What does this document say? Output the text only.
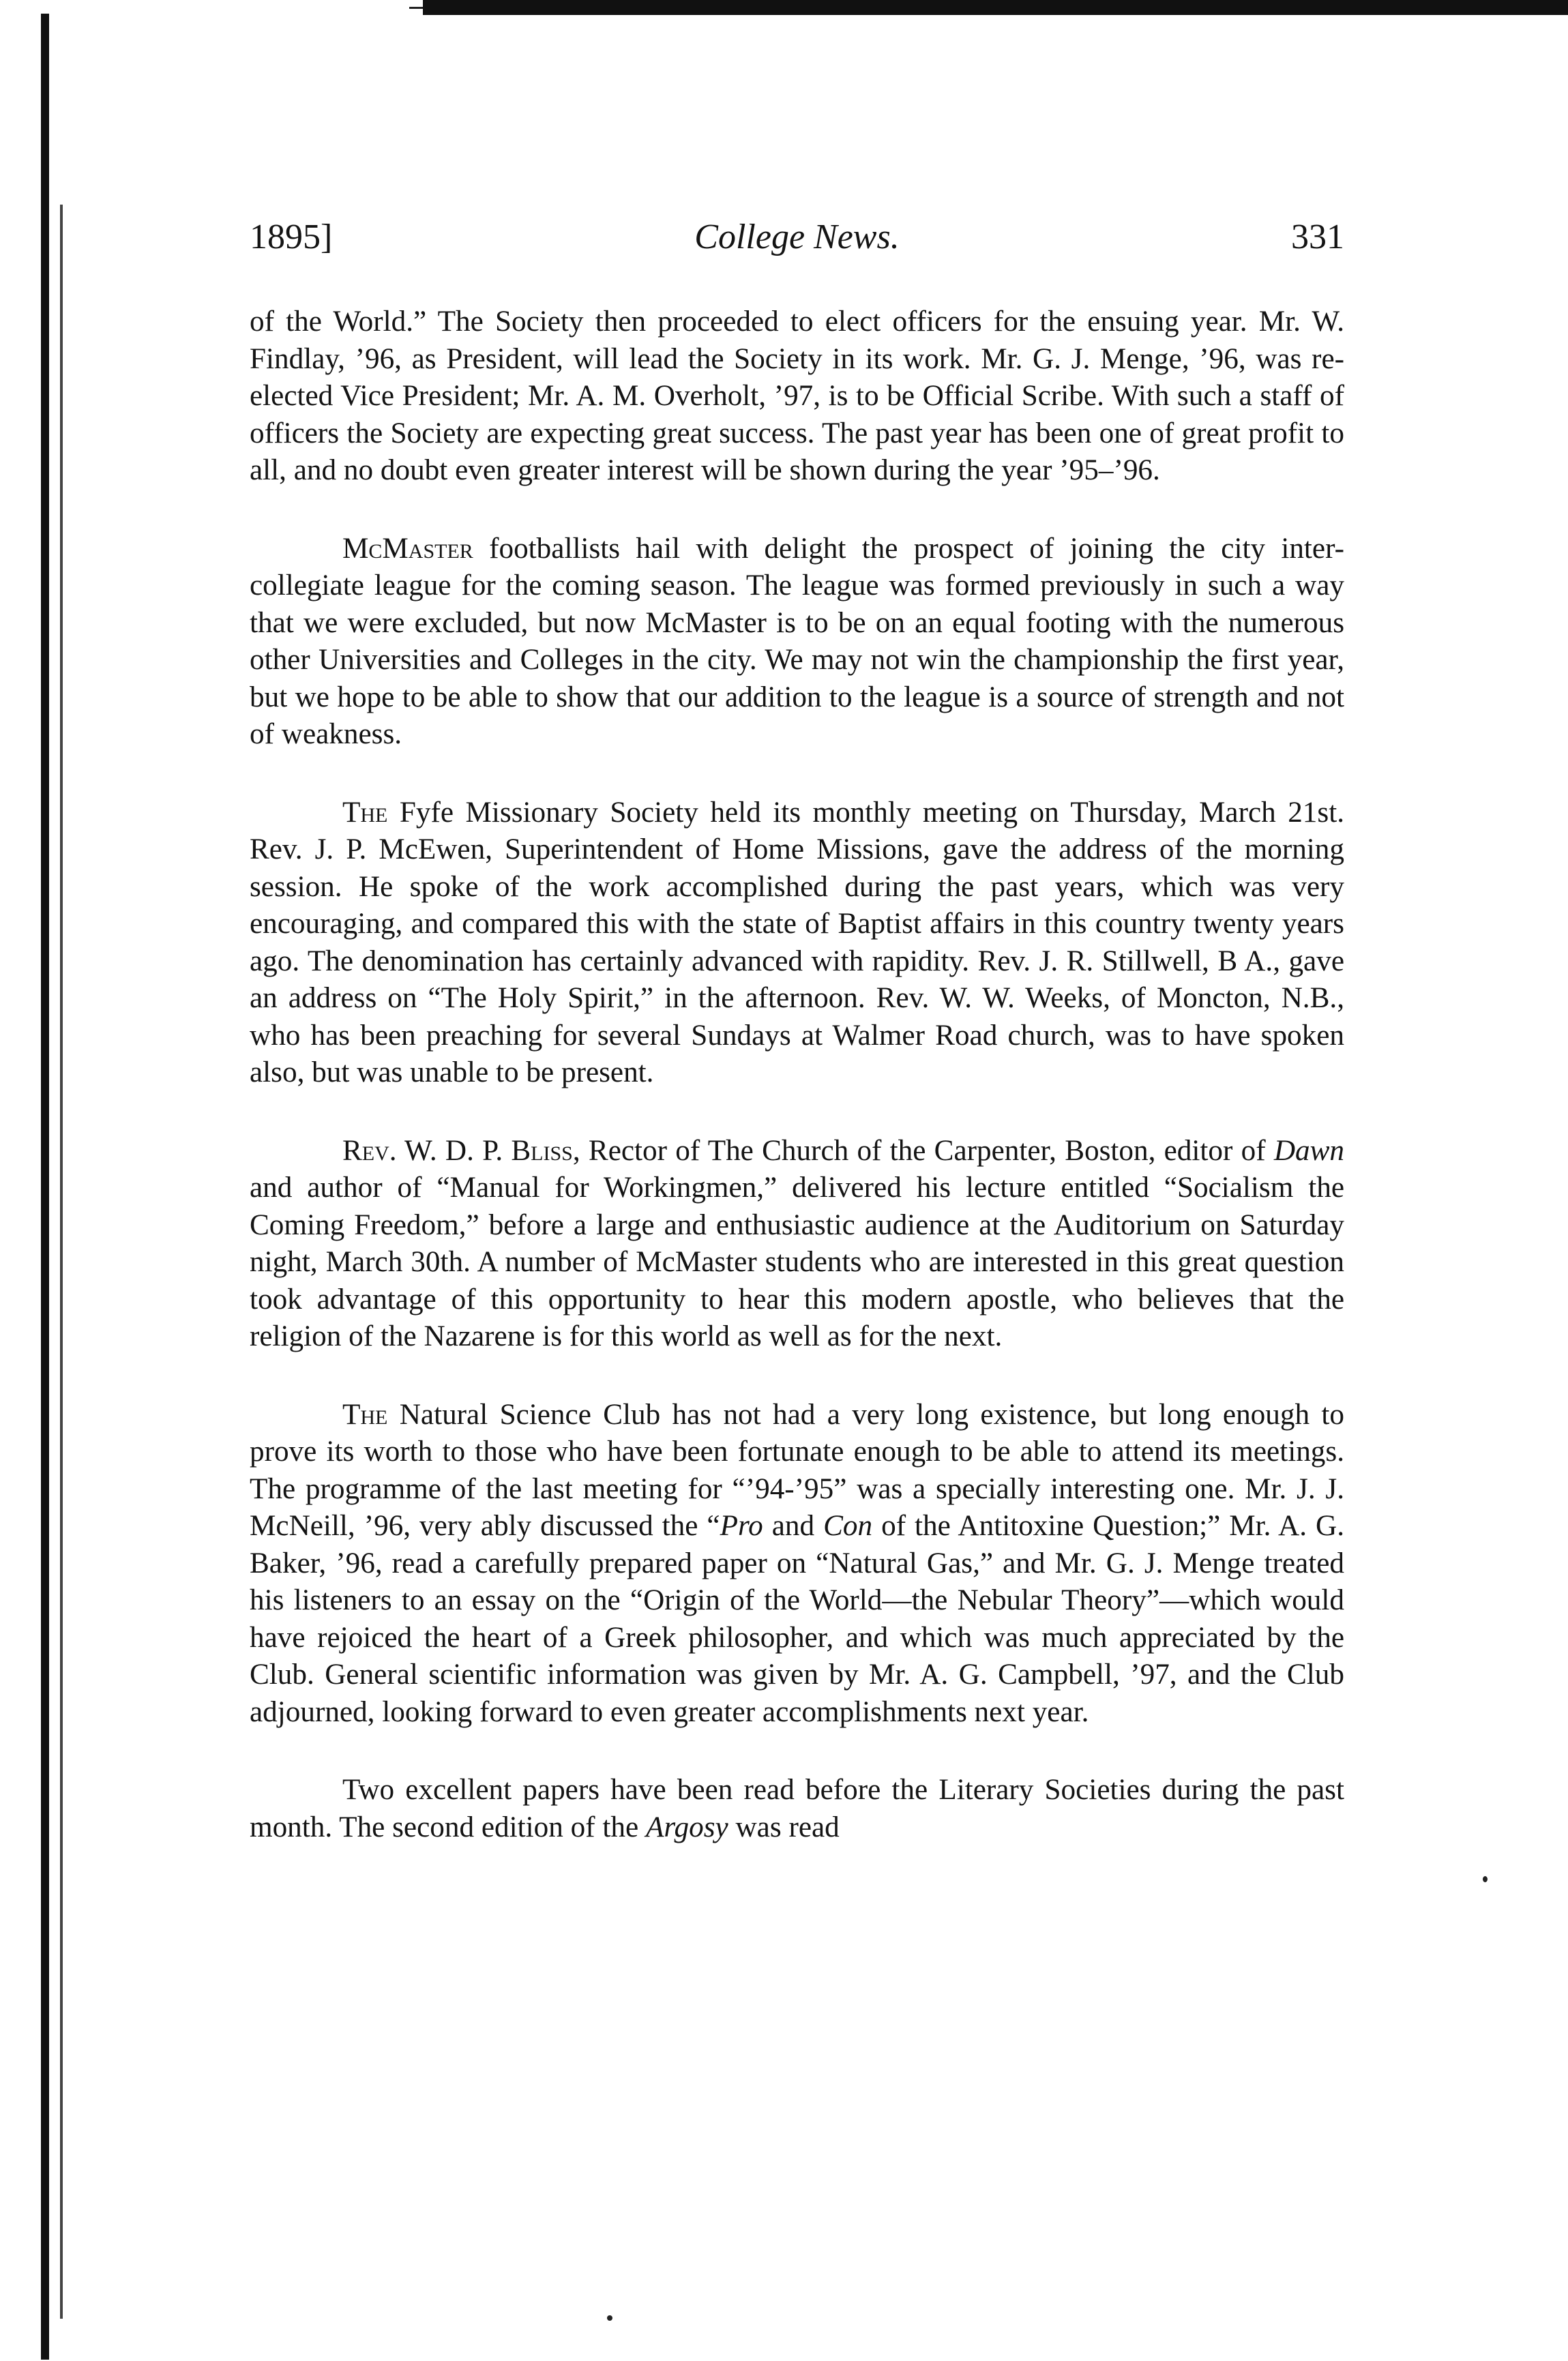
1895]	College News.	331

of the World.” The Society then proceeded to elect officers for the ensuing year. Mr. W. Findlay, ’96, as President, will lead the Society in its work. Mr. G. J. Menge, ’96, was re-elected Vice President; Mr. A. M. Overholt, ’97, is to be Official Scribe. With such a staff of officers the Society are expecting great success. The past year has been one of great profit to all, and no doubt even greater interest will be shown during the year ’95–’96.

McMaster footballists hail with delight the prospect of joining the city inter-collegiate league for the coming season. The league was formed previously in such a way that we were excluded, but now McMaster is to be on an equal footing with the numerous other Universities and Colleges in the city. We may not win the championship the first year, but we hope to be able to show that our addition to the league is a source of strength and not of weakness.

The Fyfe Missionary Society held its monthly meeting on Thursday, March 21st. Rev. J. P. McEwen, Superintendent of Home Missions, gave the address of the morning session. He spoke of the work accomplished during the past years, which was very encouraging, and compared this with the state of Baptist affairs in this country twenty years ago. The denomination has certainly advanced with rapidity. Rev. J. R. Stillwell, B A., gave an address on “The Holy Spirit,” in the afternoon. Rev. W. W. Weeks, of Moncton, N.B., who has been preaching for several Sundays at Walmer Road church, was to have spoken also, but was unable to be present.

Rev. W. D. P. Bliss, Rector of The Church of the Carpenter, Boston, editor of Dawn and author of “Manual for Workingmen,” delivered his lecture entitled “Socialism the Coming Freedom,” before a large and enthusiastic audience at the Auditorium on Saturday night, March 30th. A number of McMaster students who are interested in this great question took advantage of this opportunity to hear this modern apostle, who believes that the religion of the Nazarene is for this world as well as for the next.

The Natural Science Club has not had a very long existence, but long enough to prove its worth to those who have been fortunate enough to be able to attend its meetings. The programme of the last meeting for “’94-’95” was a specially interesting one. Mr. J. J. McNeill, ’96, very ably discussed the “Pro and Con of the Antitoxine Question;” Mr. A. G. Baker, ’96, read a carefully prepared paper on “Natural Gas,” and Mr. G. J. Menge treated his listeners to an essay on the “Origin of the World—the Nebular Theory”—which would have rejoiced the heart of a Greek philosopher, and which was much appreciated by the Club. General scientific information was given by Mr. A. G. Campbell, ’97, and the Club adjourned, looking forward to even greater accomplishments next year.

Two excellent papers have been read before the Literary Societies during the past month. The second edition of the Argosy was read
